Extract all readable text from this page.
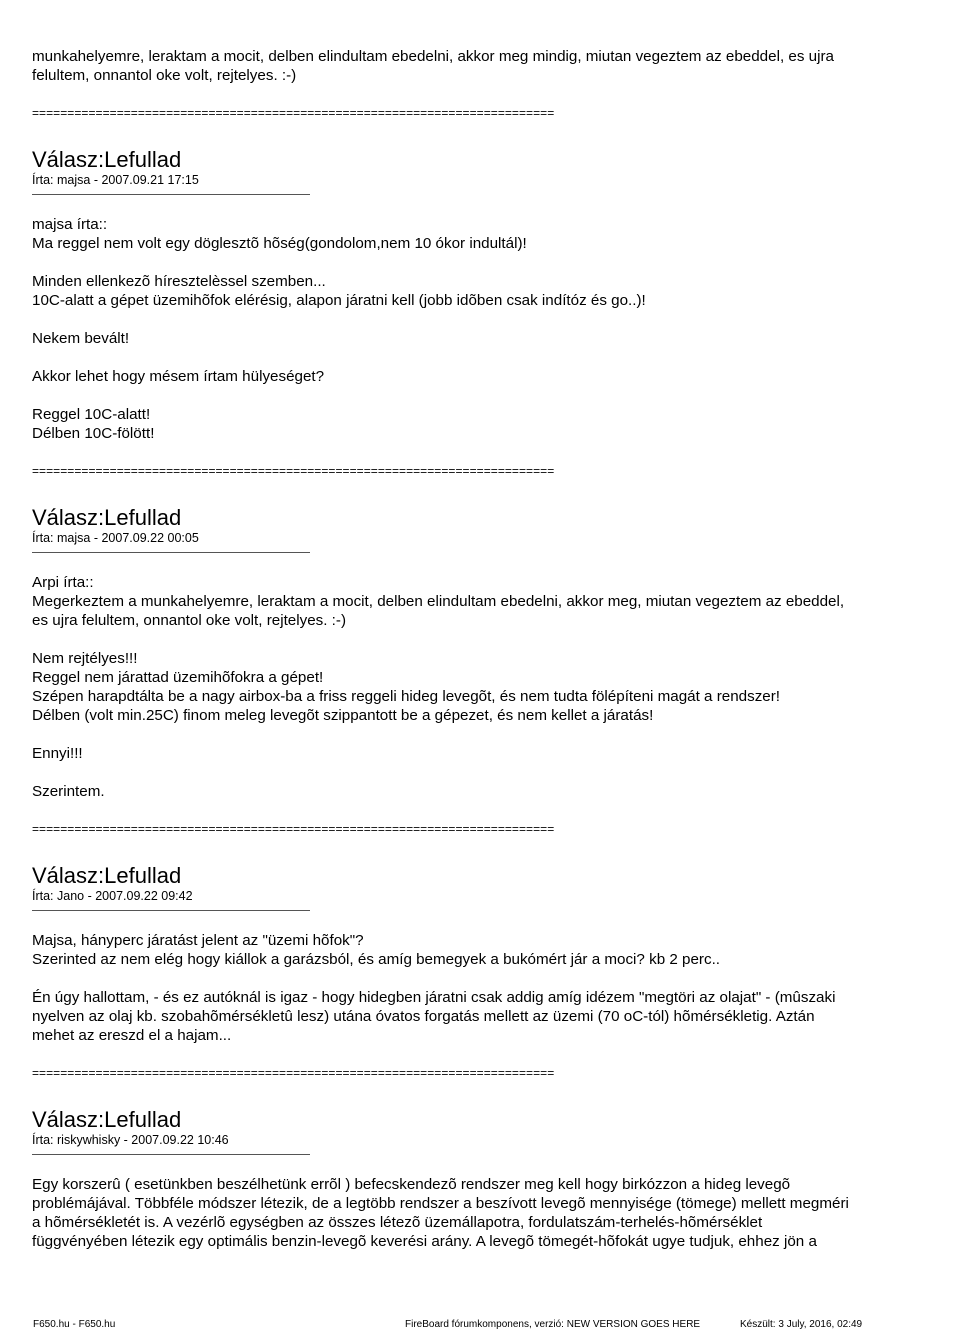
munkahelyemre, leraktam a mocit, delben elindultam ebedelni, akkor meg mindig, miutan vegeztem az ebeddel, es ujra

felultem, onnantol oke volt, rejtelyes. :-)

==========================================================================

Válasz:Lefullad

Írta: majsa - 2007.09.21 17:15

majsa írta::

Ma reggel nem volt egy döglesztõ hõség(gondolom,nem 10 ókor indultál)!

Minden ellenkezõ híresztelèssel szemben...

10C-alatt a gépet üzemihõfok elérésig, alapon járatni kell (jobb idõben csak indítóz és go..)!

Nekem bevált!

Akkor lehet hogy mésem írtam hülyeséget?

Reggel 10C-alatt!

Délben 10C-fölött!

==========================================================================

Válasz:Lefullad

Írta: majsa - 2007.09.22 00:05

Arpi írta::

Megerkeztem a munkahelyemre, leraktam a mocit, delben elindultam ebedelni, akkor meg, miutan vegeztem az ebeddel,

es ujra felultem, onnantol oke volt, rejtelyes. :-)

Nem rejtélyes!!!

Reggel nem járattad üzemihõfokra a gépet!

Szépen harapdtálta be a nagy airbox-ba a friss reggeli hideg levegõt, és nem tudta fölépíteni magát a rendszer!

Délben (volt min.25C) finom meleg levegõt szippantott be a gépezet, és nem kellet a járatás!

Ennyi!!!

Szerintem.

==========================================================================

Válasz:Lefullad

Írta: Jano - 2007.09.22 09:42

Majsa, hányperc járatást jelent az "üzemi hõfok"?

Szerinted az nem elég hogy kiállok a garázsból, és amíg bemegyek a bukómért jár a moci? kb 2 perc..

Én úgy hallottam, - és ez autóknál is igaz - hogy hidegben járatni csak addig amíg idézem "megtöri az olajat" - (mûszaki

nyelven az olaj kb. szobahõmérsékletû lesz) utána óvatos forgatás mellett az üzemi (70 oC-tól) hõmérsékletig. Aztán

mehet az ereszd el a hajam...

==========================================================================

Válasz:Lefullad

Írta: riskywhisky - 2007.09.22 10:46

Egy korszerû ( esetünkben beszélhetünk errõl ) befecskendezõ rendszer meg kell hogy birkózzon a hideg levegõ

problémájával. Többféle módszer létezik, de a legtöbb rendszer a beszívott levegõ mennyisége (tömege) mellett megméri

a hõmérsékletét is. A vezérlõ egységben az összes létezõ üzemállapotra, fordulatszám-terhelés-hõmérséklet

függvényében létezik egy optimális benzin-levegõ keverési arány. A levegõ tömegét-hõfokát ugye tudjuk, ehhez jön a

F650.hu - F650.hu	FireBoard fórumkomponens, verzió: NEW VERSION GOES HERE	Készült: 3 July, 2016, 02:49
